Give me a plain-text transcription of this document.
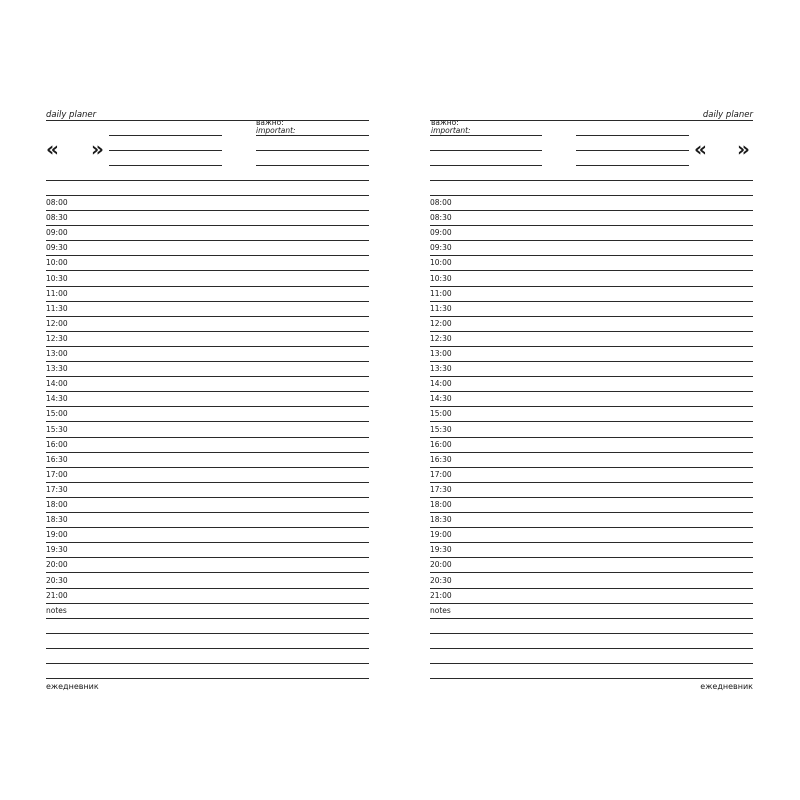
daily planer
важно:
important:
« »
08:00
08:30
09:00
09:30
10:00
10:30
11:00
11:30
12:00
12:30
13:00
13:30
14:00
14:30
15:00
15:30
16:00
16:30
17:00
17:30
18:00
18:30
19:00
19:30
20:00
20:30
21:00
notes
ежедневник
daily planer
важно:
important:
« »
08:00
08:30
09:00
09:30
10:00
10:30
11:00
11:30
12:00
12:30
13:00
13:30
14:00
14:30
15:00
15:30
16:00
16:30
17:00
17:30
18:00
18:30
19:00
19:30
20:00
20:30
21:00
notes
ежедневник
